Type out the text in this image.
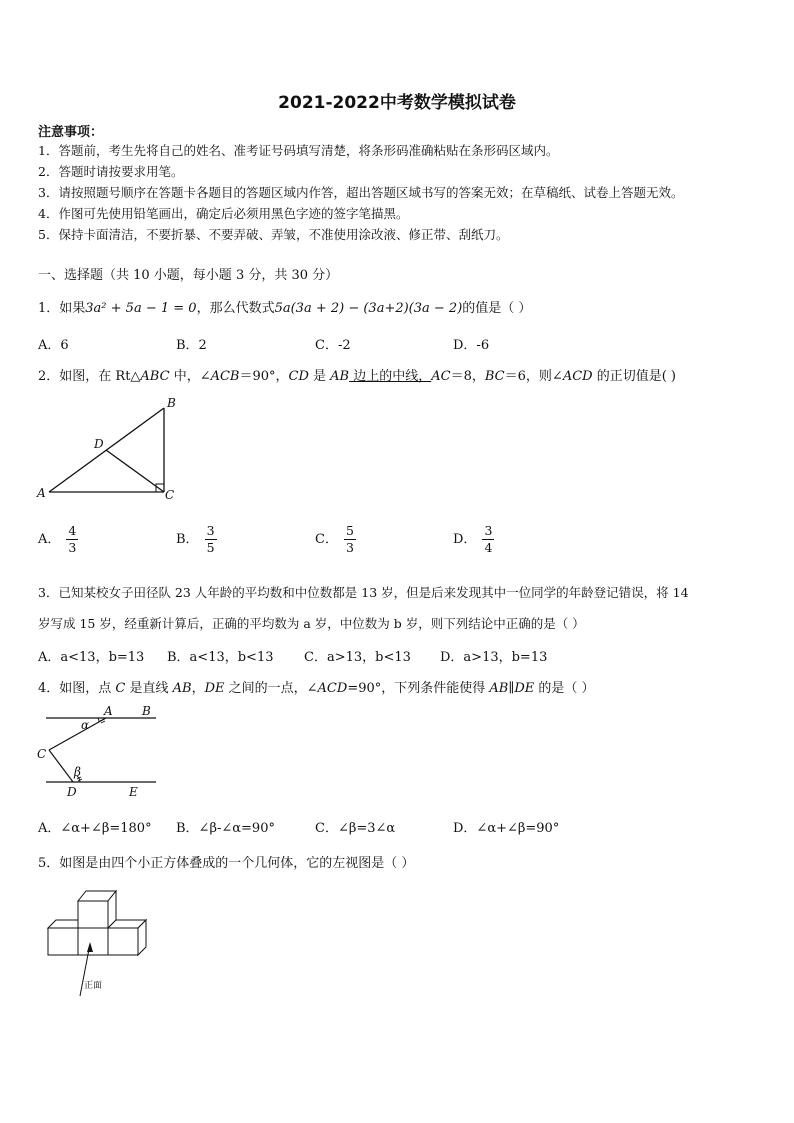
2021-2022中考数学模拟试卷
注意事项：
1．答题前，考生先将自己的姓名、准考证号码填写清楚，将条形码准确粘贴在条形码区域内。
2．答题时请按要求用笔。
3．请按照题号顺序在答题卡各题目的答题区域内作答，超出答题区域书写的答案无效；在草稿纸、试卷上答题无效。
4．作图可先使用铅笔画出，确定后必须用黑色字迹的签字笔描黑。
5．保持卡面清洁，不要折暴、不要弄破、弄皱，不准使用涂改液、修正带、刮纸刀。
一、选择题（共 10 小题，每小题 3 分，共 30 分）
1．如果3a² + 5a − 1 = 0，那么代数式5a(3a + 2) − (3a+2)(3a − 2)的值是（ ）
A．6	B．2	C．-2	D．-6
2．如图，在 Rt△ABC 中，∠ACB＝90°，CD 是 AB 边上的中线，AC＝8，BC＝6，则∠ACD 的正切值是( )
B
D
A	C
A． $\frac{4}{3}$	B． $\frac{3}{5}$	C． $\frac{5}{3}$	D． $\frac{3}{4}$
3．已知某校女子田径队 23 人年龄的平均数和中位数都是 13 岁，但是后来发现其中一位同学的年龄登记错误，将 14
岁写成 15 岁，经重新计算后，正确的平均数为 a 岁，中位数为 b 岁，则下列结论中正确的是（ ）
A．a<13，b=13 B．a<13，b<13 C．a>13，b<13 D．a>13，b=13
4．如图，点 C 是直线 AB，DE 之间的一点，∠ACD=90°，下列条件能使得 AB∥DE 的是（ ）
A B
α
C
β
D	E
A．∠α+∠β=180° B．∠β-∠α=90°	C．∠β=3∠α	D．∠α+∠β=90°
5．如图是由四个小正方体叠成的一个几何体，它的左视图是（ ）
正面
